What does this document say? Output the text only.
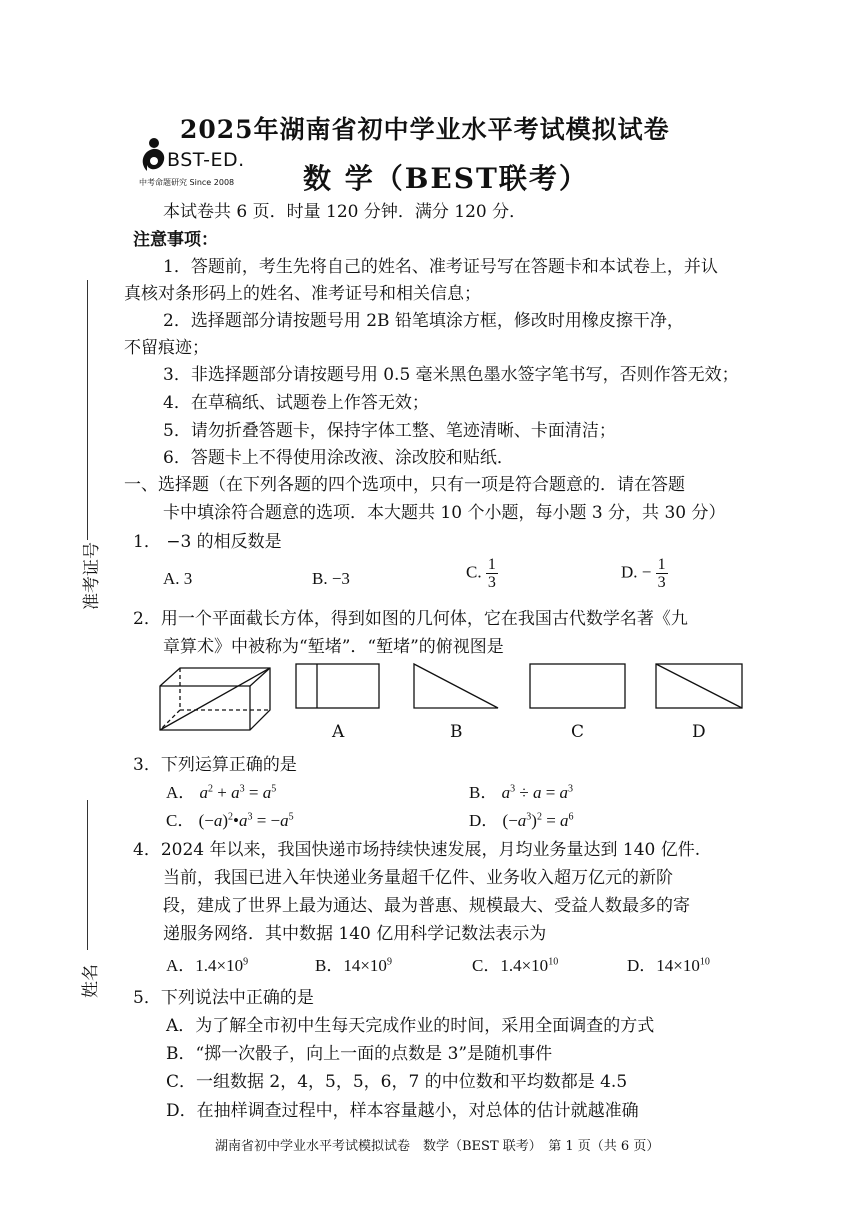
2025年湖南省初中学业水平考试模拟试卷
BST-ED.
中考命题研究 Since 2008 数 学（BEST联考）
本试卷共 6 页．时量 120 分钟．满分 120 分．
注意事项：
1．答题前，考生先将自己的姓名、准考证号写在答题卡和本试卷上，并认
真核对条形码上的姓名、准考证号和相关信息；
2．选择题部分请按题号用 2B 铅笔填涂方框，修改时用橡皮擦干净，
不留痕迹；
3．非选择题部分请按题号用 0.5 毫米黑色墨水签字笔书写，否则作答无效；
4．在草稿纸、试题卷上作答无效；
5．请勿折叠答题卡，保持字体工整、笔迹清晰、卡面清洁；
6．答题卡上不得使用涂改液、涂改胶和贴纸．
一、选择题（在下列各题的四个选项中，只有一项是符合题意的．请在答题
卡中填涂符合题意的选项．本大题共 10 个小题，每小题 3 分，共 30 分）
1． −3 的相反数是
A. 3	B. −3	C. $\frac{1}{3}$	D. − $\frac{1}{3}$
2．用一个平面截长方体，得到如图的几何体，它在我国古代数学名著《九
章算术》中被称为“堑堵”．“堑堵”的俯视图是
A	B	C	D
3．下列运算正确的是
A． $a^2 + a^3 = a^5$	B． $a^3 \div a = a^3$
C． $(-a)^2•a^3 = -a^5$	D． $(-a^3)^2 = a^6$
4．2024 年以来，我国快递市场持续快速发展，月均业务量达到 140 亿件.
当前，我国已进入年快递业务量超千亿件、业务收入超万亿元的新阶
段，建成了世界上最为通达、最为普惠、规模最大、受益人数最多的寄
递服务网络．其中数据 140 亿用科学记数法表示为
A．$1.4\times 10^9$	B．$14\times 10^9$	C．$1.4\times 10^{10}$	D．$14\times 10^{10}$
5．下列说法中正确的是
A．为了解全市初中生每天完成作业的时间，采用全面调查的方式
B．“掷一次骰子，向上一面的点数是 3”是随机事件
C．一组数据 2，4，5，5，6，7 的中位数和平均数都是 4.5
D．在抽样调查过程中，样本容量越小，对总体的估计就越准确
湖南省初中学业水平考试模拟试卷　数学（BEST 联考）　第 1 页（共 6 页）
准考证号
姓名
